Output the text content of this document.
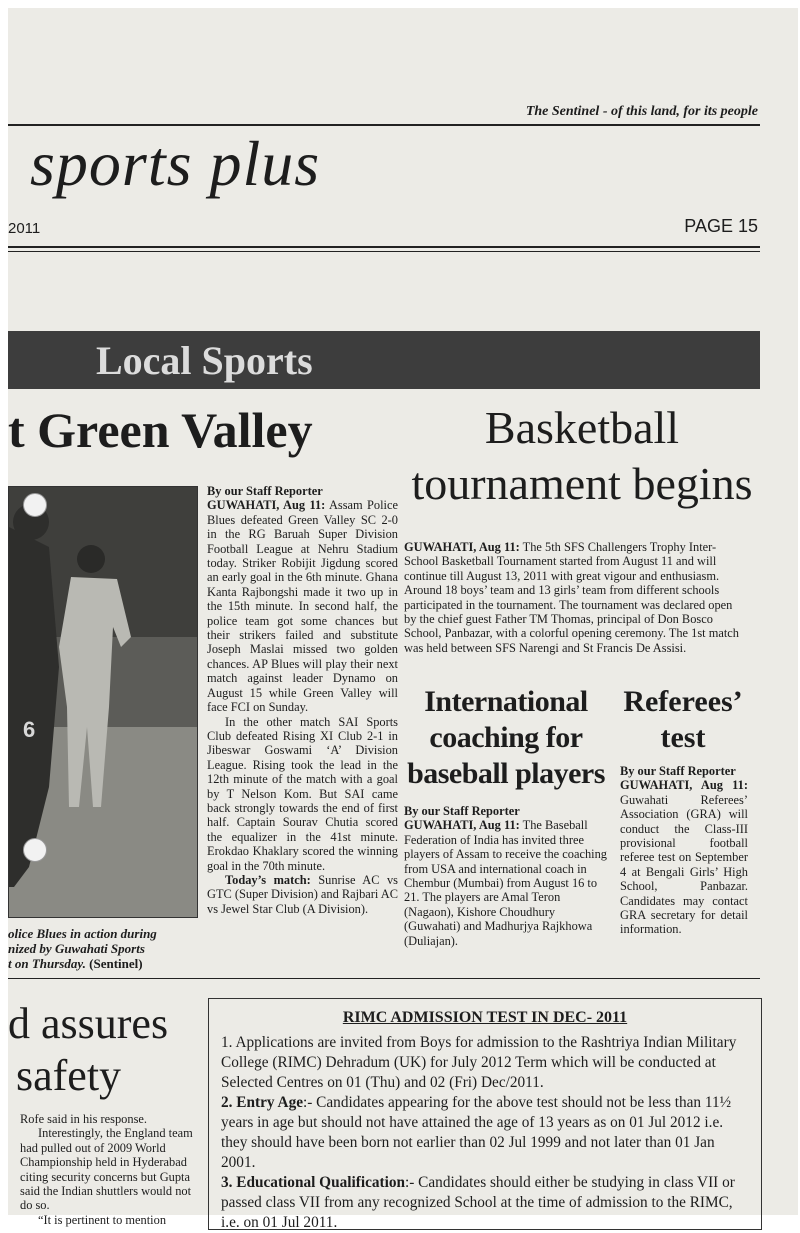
The Sentinel - of this land, for its people
sports plus
2011	PAGE 15
Local Sports
t Green Valley
6
olice Blues in action during
nized by Guwahati Sports
t on Thursday. (Sentinel)

By our Staff Reporter

GUWAHATI, Aug 11: Assam Police Blues defeated Green Valley SC 2-0 in the RG Baruah Super Division Football League at Nehru Stadium today. Striker Robijit Jigdung scored an early goal in the 6th minute. Ghana Kanta Rajbongshi made it two up in the 15th minute. In second half, the police team got some chances but their strikers failed and substitute Joseph Maslai missed two golden chances. AP Blues will play their next match against leader Dynamo on August 15 while Green Valley will face FCI on Sunday.

In the other match SAI Sports Club defeated Rising XI Club 2-1 in Jibeswar Goswami ‘A’ Division League. Rising took the lead in the 12th minute of the match with a goal by T Nelson Kom. But SAI came back strongly towards the end of first half. Captain Sourav Chutia scored the equalizer in the 41st minute. Erokdao Khaklary scored the winning goal in the 70th minute.

Today’s match: Sunrise AC vs GTC (Super Division) and Rajbari AC vs Jewel Star Club (A Division).

Basketball
tournament begins

GUWAHATI, Aug 11: The 5th SFS Challengers Trophy Inter-School Basketball Tournament started from August 11 and will continue till August 13, 2011 with great vigour and enthusiasm. Around 18 boys’ team and 13 girls’ team from different schools participated in the tournament. The tournament was declared open by the chief guest Father TM Thomas, principal of Don Bosco School, Panbazar, with a colorful opening ceremony. The 1st match was held between SFS Narengi and St Francis De Assisi.

International
coaching for
baseball players

By our Staff Reporter

GUWAHATI, Aug 11: The Baseball Federation of India has invited three players of Assam to receive the coaching from USA and international coach in Chembur (Mumbai) from August 16 to 21. The players are Amal Teron (Nagaon), Kishore Choudhury (Guwahati) and Madhurjya Rajkhowa (Duliajan).

Referees’
test

By our Staff Reporter

GUWAHATI, Aug 11: Guwahati Referees’ Association (GRA) will conduct the Class-III provisional football referee test on September 4 at Bengali Girls’ High School, Panbazar. Candidates may contact GRA secretary for detail information.

d assures
safety

Rofe said in his response.

Interestingly, the England team had pulled out of 2009 World Championship held in Hyderabad citing security concerns but Gupta said the Indian shuttlers would not do so.

“It is pertinent to mention

RIMC ADMISSION TEST IN DEC- 2011
1. Applications are invited from Boys for admission to the Rashtriya Indian Military College (RIMC) Dehradum (UK) for July 2012 Term which will be conducted at Selected Centres on 01 (Thu) and 02 (Fri) Dec/2011.
2. Entry Age:- Candidates appearing for the above test should not be less than 11½ years in age but should not have attained the age of 13 years as on 01 Jul 2012 i.e. they should have been born not earlier than 02 Jul 1999 and not later than 01 Jan 2001.
3. Educational Qualification:- Candidates should either be studying in class VII or passed class VII from any recognized School at the time of admission to the RIMC, i.e. on 01 Jul 2011.
